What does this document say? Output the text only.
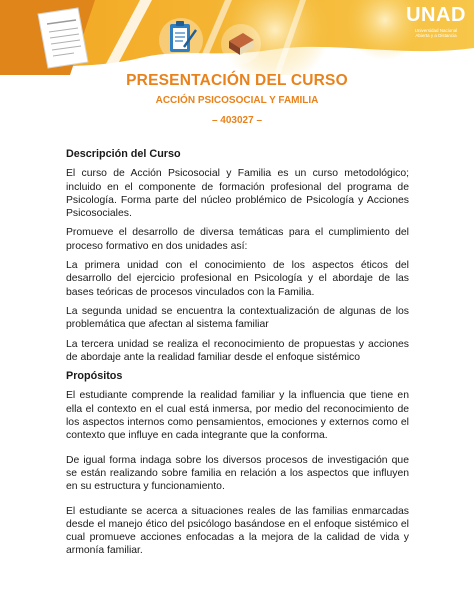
UNAD
Universidad Nacional
Abierta y a Distancia
PRESENTACIÓN DEL CURSO
ACCIÓN PSICOSOCIAL Y FAMILIA
– 403027 –
Descripción del Curso

El curso de Acción Psicosocial y Familia es un curso metodológico; incluido en el componente de formación profesional del programa de Psicología. Forma parte del núcleo problémico de Psicología y Acciones Psicosociales.

Promueve el desarrollo de diversa temáticas para el cumplimiento del proceso formativo en dos unidades así:

La primera unidad con el conocimiento de los aspectos éticos del desarrollo del ejercicio profesional en Psicología y el abordaje de las bases teóricas de procesos vinculados con la Familia.

La segunda unidad se encuentra la contextualización de algunas de los problemática que afectan al sistema familiar

La tercera unidad se realiza el reconocimiento de propuestas y acciones de abordaje ante la realidad familiar desde el enfoque sistémico

Propósitos

El estudiante comprende la realidad familiar y la influencia que tiene en ella el contexto en el cual está inmersa, por medio del reconocimiento de los aspectos internos como pensamientos, emociones y externos como el contexto que influye en cada integrante que la conforma.

De igual forma indaga sobre los diversos procesos de investigación que se están realizando sobre familia en relación a los aspectos que influyen en su estructura y funcionamiento.

El estudiante se acerca a situaciones reales de las familias enmarcadas desde el manejo ético del psicólogo basándose en el enfoque sistémico el cual promueve acciones enfocadas a la mejora de la calidad de vida y armonía familiar.
